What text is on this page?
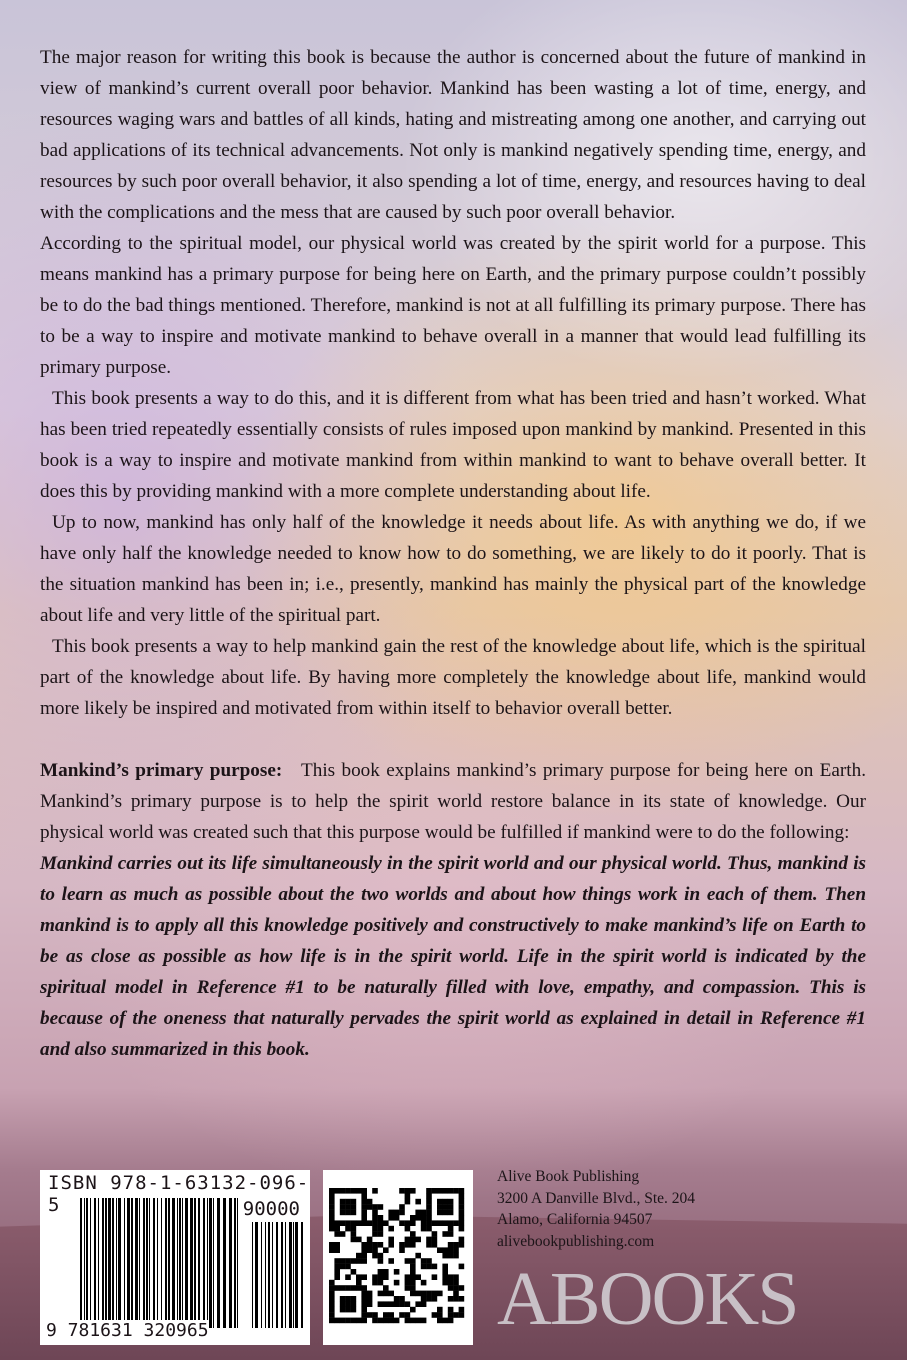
The major reason for writing this book is because the author is concerned about the future of mankind in view of mankind’s current overall poor behavior. Mankind has been wasting a lot of time, energy, and resources waging wars and battles of all kinds, hating and mistreating among one another, and carrying out bad applications of its technical advancements. Not only is mankind negatively spending time, energy, and resources by such poor overall behavior, it also spending a lot of time, energy, and resources having to deal with the complications and the mess that are caused by such poor overall behavior.

According to the spiritual model, our physical world was created by the spirit world for a purpose. This means mankind has a primary purpose for being here on Earth, and the primary purpose couldn’t possibly be to do the bad things mentioned. Therefore, mankind is not at all fulfilling its primary purpose. There has to be a way to inspire and motivate mankind to behave overall in a manner that would lead fulfilling its primary purpose.

This book presents a way to do this, and it is different from what has been tried and hasn’t worked. What has been tried repeatedly essentially consists of rules imposed upon mankind by mankind. Presented in this book is a way to inspire and motivate mankind from within mankind to want to behave overall better. It does this by providing mankind with a more complete understanding about life.

Up to now, mankind has only half of the knowledge it needs about life. As with anything we do, if we have only half the knowledge needed to know how to do something, we are likely to do it poorly. That is the situation mankind has been in; i.e., presently, mankind has mainly the physical part of the knowledge about life and very little of the spiritual part.

This book presents a way to help mankind gain the rest of the knowledge about life, which is the spiritual part of the knowledge about life. By having more completely the knowledge about life, mankind would more likely be inspired and motivated from within itself to behavior overall better.

Mankind’s primary purpose: This book explains mankind’s primary purpose for being here on Earth. Mankind’s primary purpose is to help the spirit world restore balance in its state of knowledge. Our physical world was created such that this purpose would be fulfilled if mankind were to do the following:

Mankind carries out its life simultaneously in the spirit world and our physical world. Thus, mankind is to learn as much as possible about the two worlds and about how things work in each of them. Then mankind is to apply all this knowledge positively and constructively to make mankind’s life on Earth to be as close as possible as how life is in the spirit world. Life in the spirit world is indicated by the spiritual model in Reference #1 to be naturally filled with love, empathy, and compassion. This is because of the oneness that naturally pervades the spirit world as explained in detail in Reference #1 and also summarized in this book.

ISBN 978-1-63132-096-5	90000
9 781631 320965
Alive Book Publishing
3200 A Danville Blvd., Ste. 204
Alamo, California 94507
alivebookpublishing.com
ABOOKS
